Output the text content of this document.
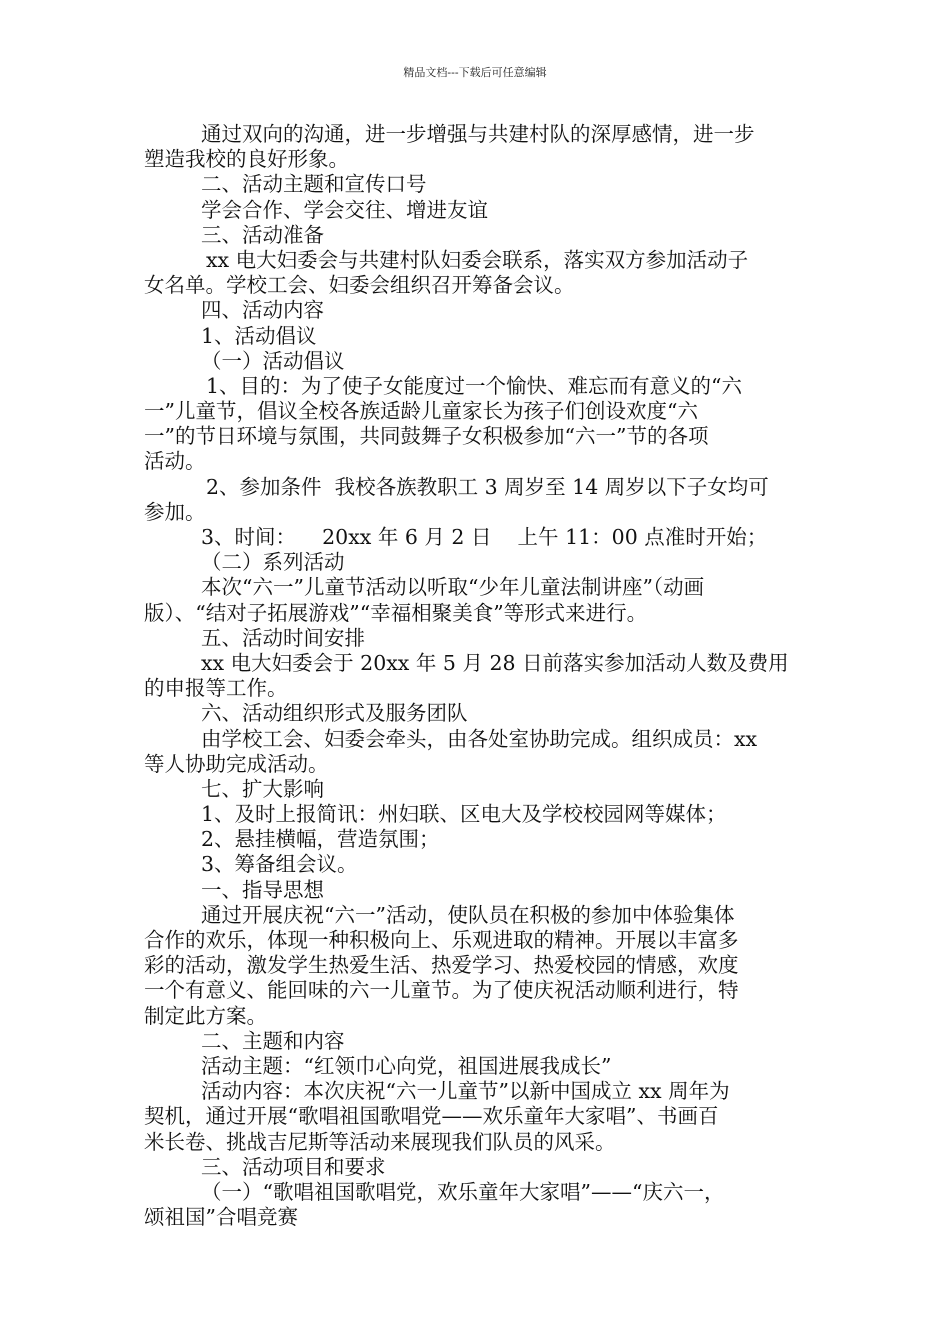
精品文档---下载后可任意编辑
通过双向的沟通，进一步增强与共建村队的深厚感情，进一步
塑造我校的良好形象。
二、活动主题和宣传口号
学会合作、学会交往、增进友谊
三、活动准备
xx 电大妇委会与共建村队妇委会联系，落实双方参加活动子
女名单。学校工会、妇委会组织召开筹备会议。
四、活动内容
1、活动倡议
（一）活动倡议
1、目的：为了使子女能度过一个愉快、难忘而有意义的“六
一”儿童节，倡议全校各族适龄儿童家长为孩子们创设欢度“六
一”的节日环境与氛围，共同鼓舞子女积极参加“六一”节的各项
活动。
2、参加条件  我校各族教职工 3 周岁至 14 周岁以下子女均可
参加。
3、时间：    20xx 年 6 月 2 日    上午 11：00 点准时开始；
（二）系列活动
本次“六一”儿童节活动以听取“少年儿童法制讲座”（动画
版）、“结对子拓展游戏”“幸福相聚美食”等形式来进行。
五、活动时间安排
xx 电大妇委会于 20xx 年 5 月 28 日前落实参加活动人数及费用
的申报等工作。
六、活动组织形式及服务团队
由学校工会、妇委会牵头，由各处室协助完成。组织成员：xx
等人协助完成活动。
七、扩大影响
1、及时上报简讯：州妇联、区电大及学校校园网等媒体；
2、悬挂横幅，营造氛围；
3、筹备组会议。
一、指导思想
通过开展庆祝“六一”活动，使队员在积极的参加中体验集体
合作的欢乐，体现一种积极向上、乐观进取的精神。开展以丰富多
彩的活动，激发学生热爱生活、热爱学习、热爱校园的情感，欢度
一个有意义、能回味的六一儿童节。为了使庆祝活动顺利进行，特
制定此方案。
二、主题和内容
活动主题：“红领巾心向党，祖国进展我成长”
活动内容：本次庆祝“六一儿童节”以新中国成立 xx 周年为
契机，通过开展“歌唱祖国歌唱党——欢乐童年大家唱”、书画百
米长卷、挑战吉尼斯等活动来展现我们队员的风采。
三、活动项目和要求
（一）“歌唱祖国歌唱党，欢乐童年大家唱”——“庆六一，
颂祖国”合唱竞赛
